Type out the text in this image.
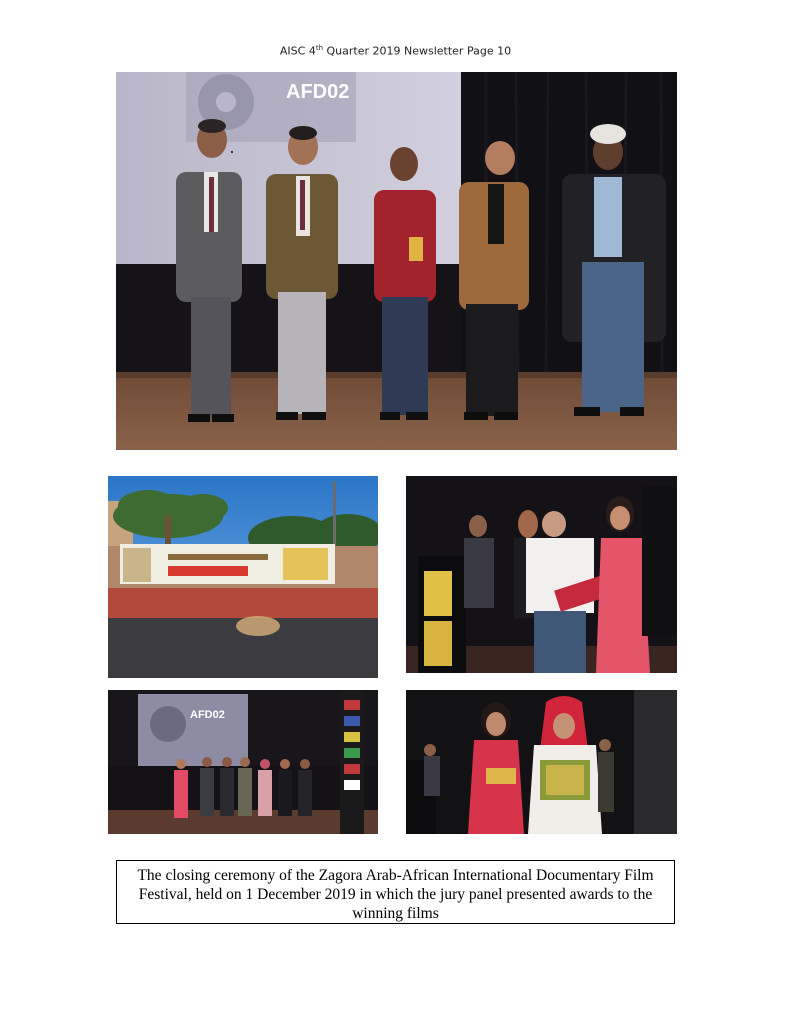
AISC 4th Quarter 2019 Newsletter Page 10
AFD02
AFD02
The closing ceremony of the Zagora Arab-African International Documentary Film Festival, held on 1 December 2019 in which the jury panel presented awards to the winning films
